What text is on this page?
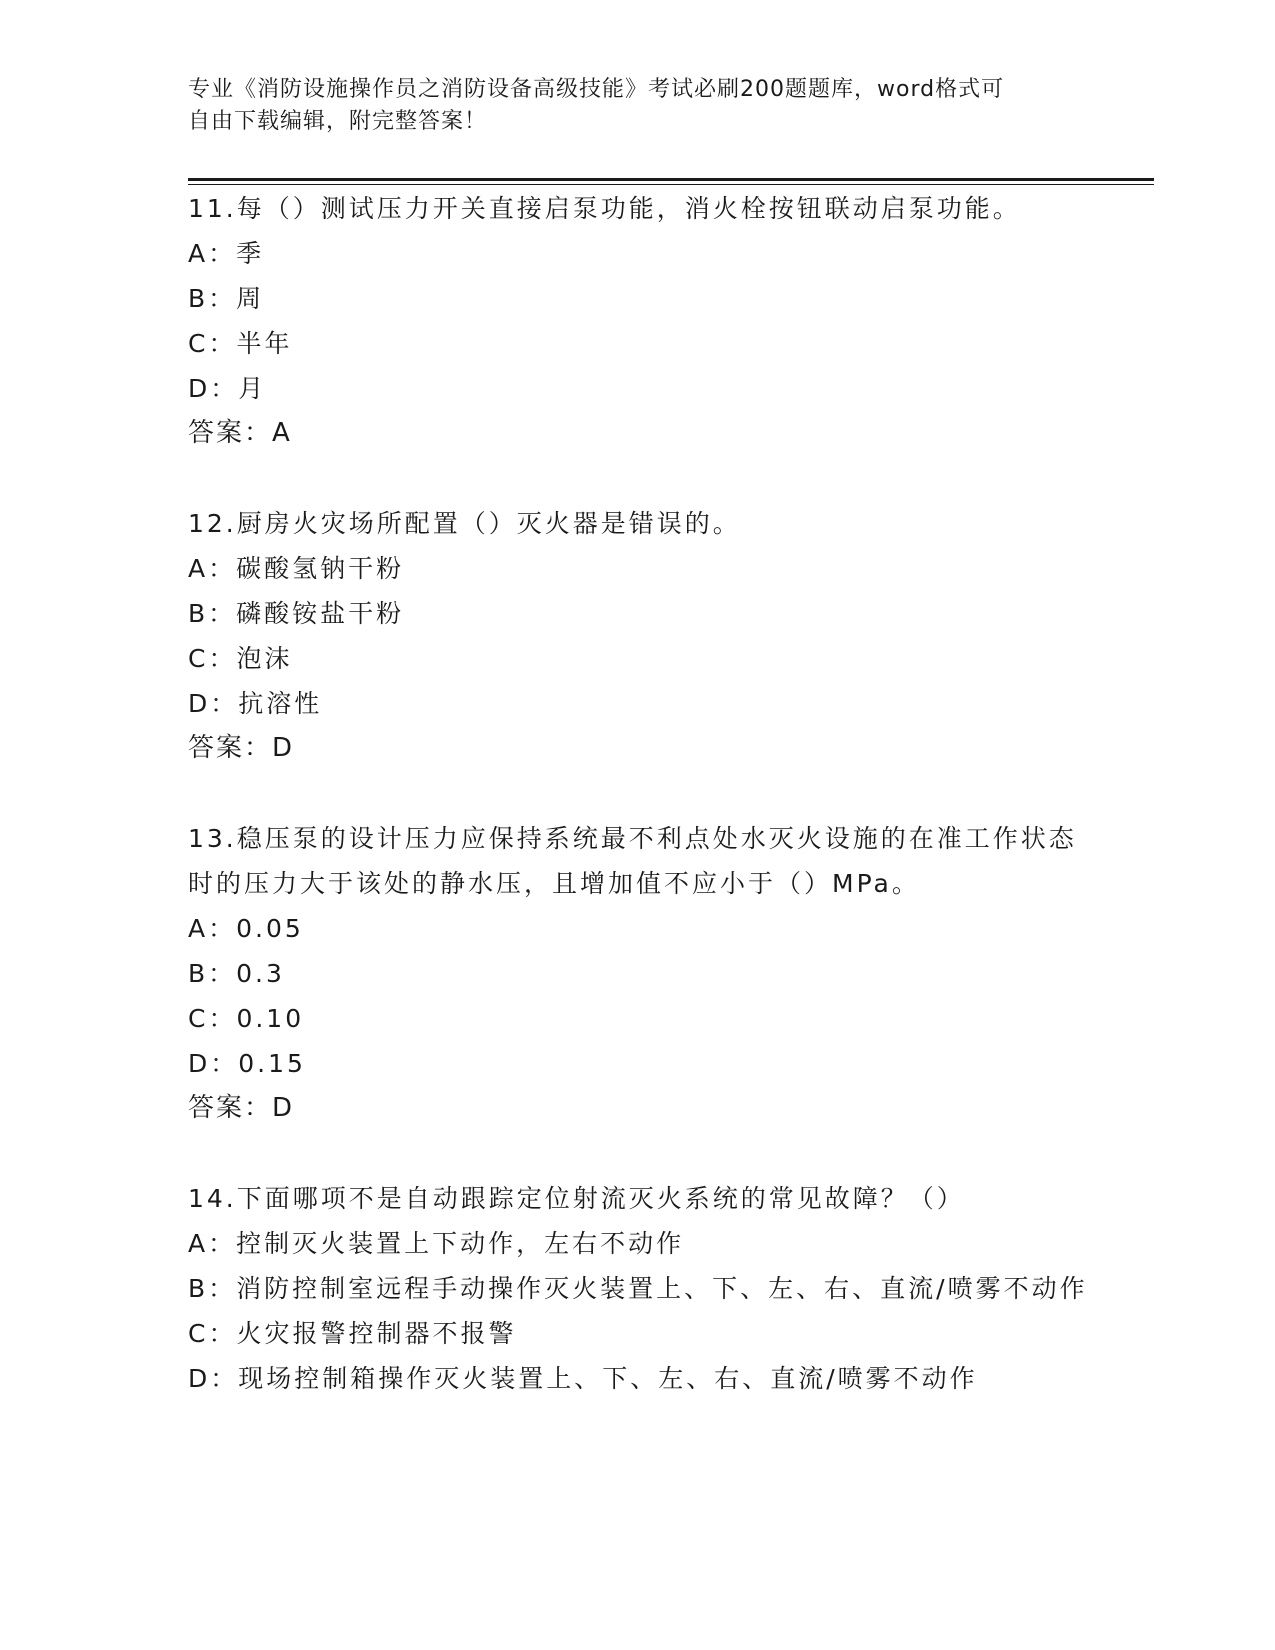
专业《消防设施操作员之消防设备高级技能》考试必刷200题题库，word格式可
自由下载编辑，附完整答案！

11.每（）测试压力开关直接启泵功能，消火栓按钮联动启泵功能。

A：季

B：周

C：半年

D：月

答案：A

12.厨房火灾场所配置（）灭火器是错误的。

A：碳酸氢钠干粉

B：磷酸铵盐干粉

C：泡沫

D：抗溶性

答案：D

13.稳压泵的设计压力应保持系统最不利点处水灭火设施的在准工作状态时的压力大于该处的静水压，且增加值不应小于（）MPa。

A：0.05

B：0.3

C：0.10

D：0.15

答案：D

14.下面哪项不是自动跟踪定位射流灭火系统的常见故障？（）

A：控制灭火装置上下动作，左右不动作

B：消防控制室远程手动操作灭火装置上、下、左、右、直流/喷雾不动作

C：火灾报警控制器不报警

D：现场控制箱操作灭火装置上、下、左、右、直流/喷雾不动作
